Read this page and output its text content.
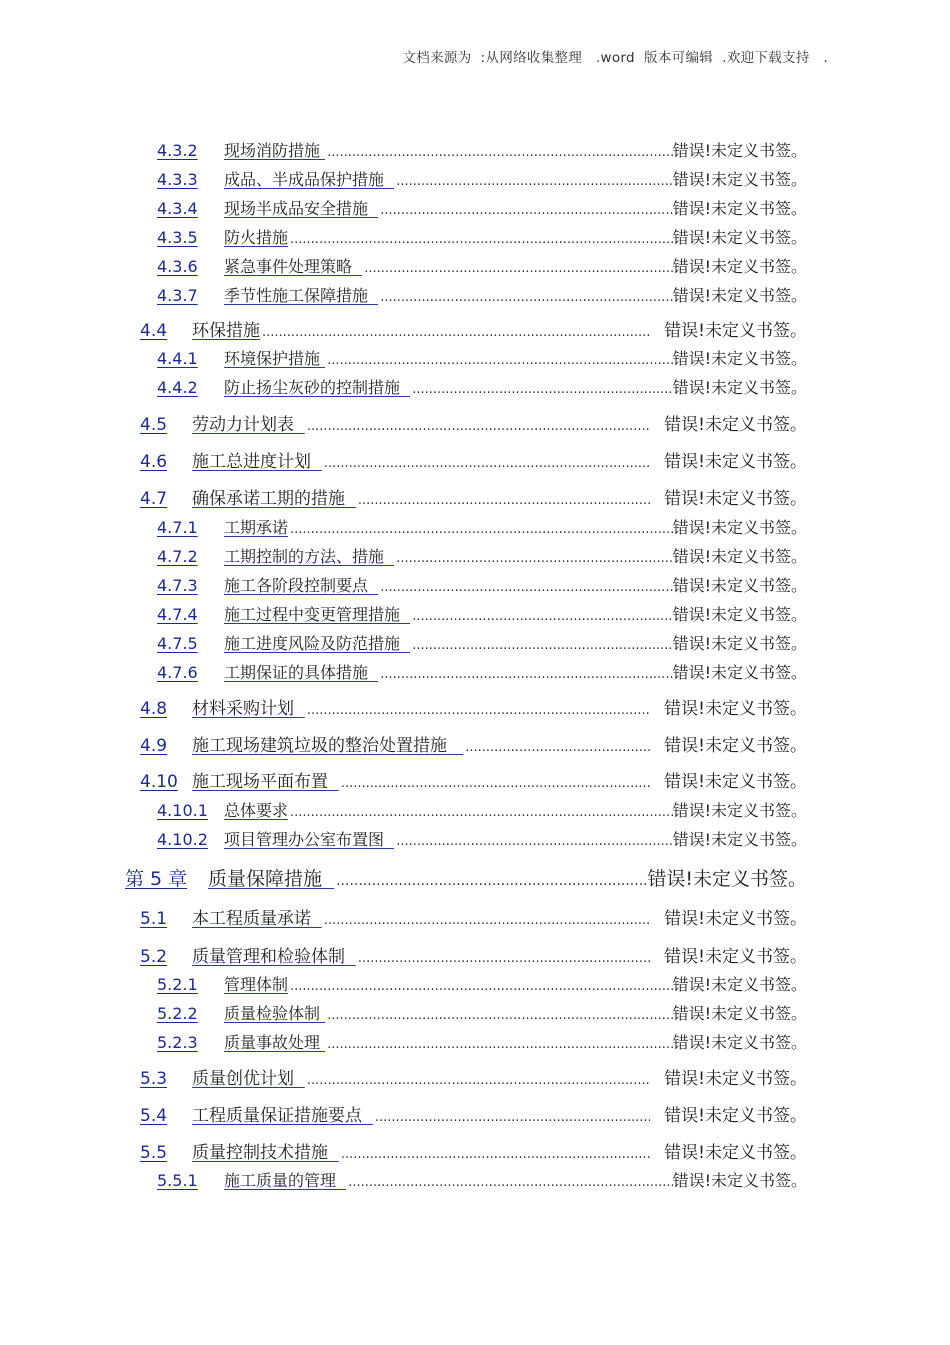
文档来源为  :从网络收集整理   .word  版本可编辑  .欢迎下载支持   .
4.3.2	现场消防措施 .....	错误!未定义书签。
4.3.3	成品、半成品保护措施 .....	错误!未定义书签。
4.3.4	现场半成品安全措施 .....	错误!未定义书签。
4.3.5	防火措施 .....	错误!未定义书签。
4.3.6	紧急事件处理策略 .....	错误!未定义书签。
4.3.7	季节性施工保障措施 .....	错误!未定义书签。
4.4	环保措施 .....	错误!未定义书签。
4.4.1	环境保护措施 .....	错误!未定义书签。
4.4.2	防止扬尘灰砂的控制措施 .....	错误!未定义书签。
4.5	劳动力计划表 .....	错误!未定义书签。
4.6	施工总进度计划 .....	错误!未定义书签。
4.7	确保承诺工期的措施 .....	错误!未定义书签。
4.7.1	工期承诺 .....	错误!未定义书签。
4.7.2	工期控制的方法、措施 .....	错误!未定义书签。
4.7.3	施工各阶段控制要点 .....	错误!未定义书签。
4.7.4	施工过程中变更管理措施 .....	错误!未定义书签。
4.7.5	施工进度风险及防范措施 .....	错误!未定义书签。
4.7.6	工期保证的具体措施 .....	错误!未定义书签。
4.8	材料采购计划 .....	错误!未定义书签。
4.9	施工现场建筑垃圾的整治处置措施 .....	错误!未定义书签。
4.10 施工现场平面布置 .....	错误!未定义书签。
4.10.1	总体要求 .....	错误!未定义书签。
4.10.2	项目管理办公室布置图 .....	错误!未定义书签。
第 5 章	质量保障措施 .....	错误!未定义书签。
5.1	本工程质量承诺 .....	错误!未定义书签。
5.2	质量管理和检验体制 .....	错误!未定义书签。
5.2.1	管理体制 .....	错误!未定义书签。
5.2.2	质量检验体制 .....	错误!未定义书签。
5.2.3	质量事故处理 .....	错误!未定义书签。
5.3	质量创优计划 .....	错误!未定义书签。
5.4	工程质量保证措施要点 .....	错误!未定义书签。
5.5	质量控制技术措施 .....	错误!未定义书签。
5.5.1	施工质量的管理 .....	错误!未定义书签。
